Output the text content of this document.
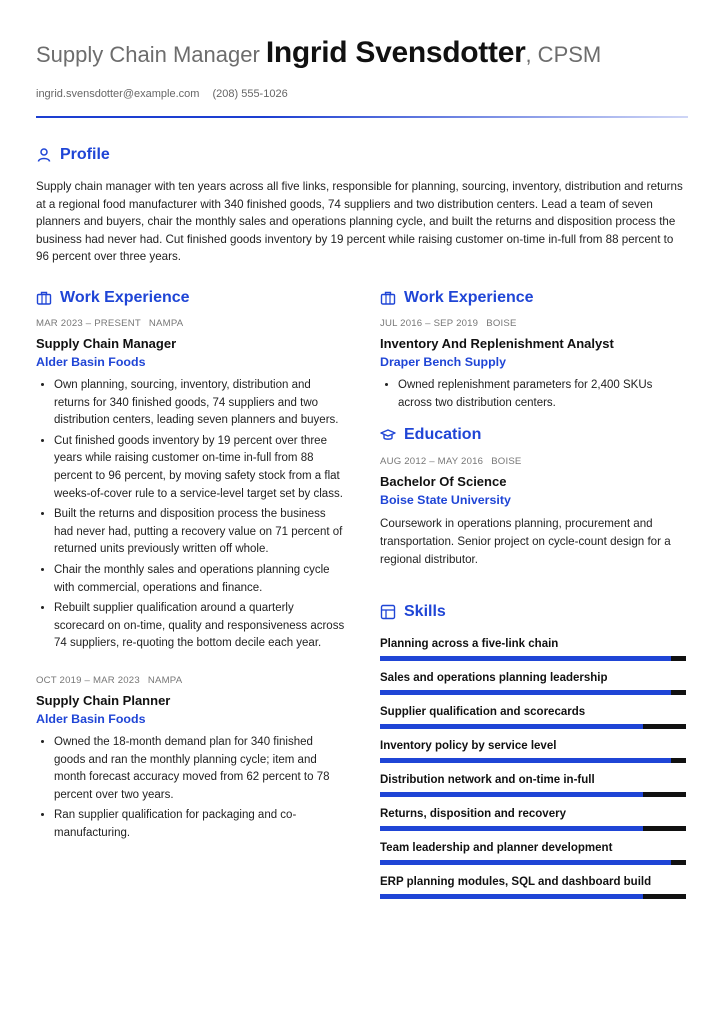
Supply Chain Manager Ingrid Svensdotter, CPSM
ingrid.svensdotter@example.com (208) 555-1026
Profile
Supply chain manager with ten years across all five links, responsible for planning, sourcing, inventory, distribution and returns at a regional food manufacturer with 340 finished goods, 74 suppliers and two distribution centers. Lead a team of seven planners and buyers, chair the monthly sales and operations planning cycle, and built the returns and disposition process the business had never had. Cut finished goods inventory by 19 percent while raising customer on-time in-full from 88 percent to 96 percent over three years.
Work Experience
MAR 2023 – PRESENT NAMPA
Supply Chain Manager
Alder Basin Foods
• Own planning, sourcing, inventory, distribution and returns for 340 finished goods, 74 suppliers and two distribution centers, leading seven planners and buyers.
• Cut finished goods inventory by 19 percent over three years while raising customer on-time in-full from 88 percent to 96 percent, by moving safety stock from a flat weeks-of-cover rule to a service-level target set by class.
• Built the returns and disposition process the business had never had, putting a recovery value on 71 percent of returned units previously written off whole.
• Chair the monthly sales and operations planning cycle with commercial, operations and finance.
• Rebuilt supplier qualification around a quarterly scorecard on on-time, quality and responsiveness across 74 suppliers, re-quoting the bottom decile each year.
OCT 2019 – MAR 2023 NAMPA
Supply Chain Planner
Alder Basin Foods
• Owned the 18-month demand plan for 340 finished goods and ran the monthly planning cycle; item and month forecast accuracy moved from 62 percent to 78 percent over two years.
• Ran supplier qualification for packaging and co-manufacturing.
Work Experience
JUL 2016 – SEP 2019 BOISE
Inventory And Replenishment Analyst
Draper Bench Supply
• Owned replenishment parameters for 2,400 SKUs across two distribution centers.
Education
AUG 2012 – MAY 2016 BOISE
Bachelor Of Science
Boise State University
Coursework in operations planning, procurement and transportation. Senior project on cycle-count design for a regional distributor.
Skills
Planning across a five-link chain
Sales and operations planning leadership
Supplier qualification and scorecards
Inventory policy by service level
Distribution network and on-time in-full
Returns, disposition and recovery
Team leadership and planner development
ERP planning modules, SQL and dashboard build
